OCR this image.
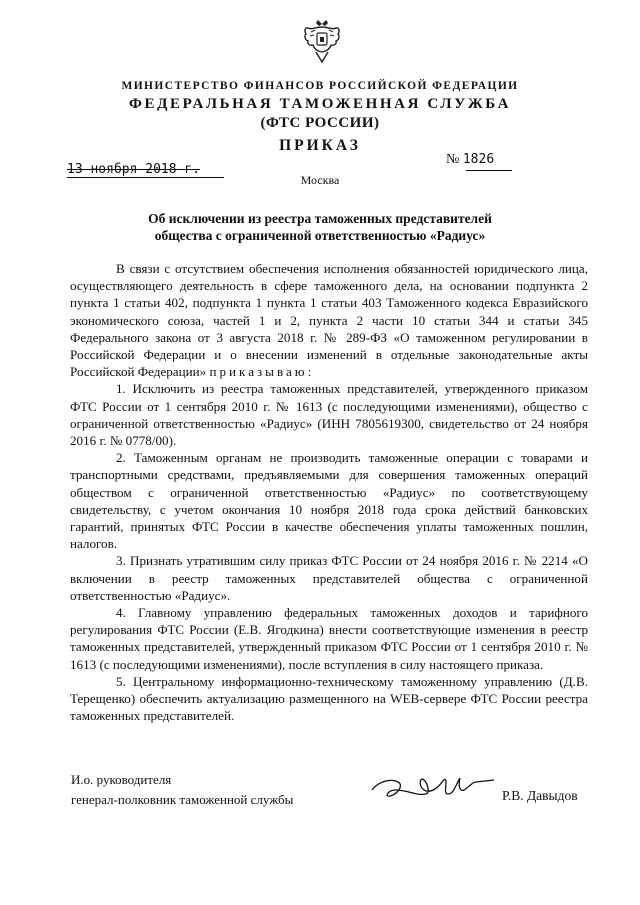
МИНИСТЕРСТВО ФИНАНСОВ РОССИЙСКОЙ ФЕДЕРАЦИИ
ФЕДЕРАЛЬНАЯ ТАМОЖЕННАЯ СЛУЖБА
(ФТС РОССИИ)
ПРИКАЗ
13 ноября 2018 г.
№ 1826
Москва
Об исключении из реестра таможенных представителей
общества с ограниченной ответственностью «Радиус»

В связи с отсутствием обеспечения исполнения обязанностей юридического лица, осуществляющего деятельность в сфере таможенного дела, на основании подпункта 2 пункта 1 статьи 402, подпункта 1 пункта 1 статьи 403 Таможенного кодекса Евразийского экономического союза, частей 1 и 2, пункта 2 части 10 статьи 344 и статьи 345 Федерального закона от 3 августа 2018 г. № 289-ФЗ «О таможенном регулировании в Российской Федерации и о внесении изменений в отдельные законодательные акты Российской Федерации» приказываю:

1. Исключить из реестра таможенных представителей, утвержденного приказом ФТС России от 1 сентября 2010 г. № 1613 (с последующими изменениями), общество с ограниченной ответственностью «Радиус» (ИНН 7805619300, свидетельство от 24 ноября 2016 г. № 0778/00).

2. Таможенным органам не производить таможенные операции с товарами и транспортными средствами, предъявляемыми для совершения таможенных операций обществом с ограниченной ответственностью «Радиус» по соответствующему свидетельству, с учетом окончания 10 ноября 2018 года срока действий банковских гарантий, принятых ФТС России в качестве обеспечения уплаты таможенных пошлин, налогов.

3. Признать утратившим силу приказ ФТС России от 24 ноября 2016 г. № 2214 «О включении в реестр таможенных представителей общества с ограниченной ответственностью «Радиус».

4. Главному управлению федеральных таможенных доходов и тарифного регулирования ФТС России (Е.В. Ягодкина) внести соответствующие изменения в реестр таможенных представителей, утвержденный приказом ФТС России от 1 сентября 2010 г. № 1613 (с последующими изменениями), после вступления в силу настоящего приказа.

5. Центральному информационно-техническому таможенному управлению (Д.В. Терещенко) обеспечить актуализацию размещенного на WEB-сервере ФТС России реестра таможенных представителей.

И.о. руководителя
генерал-полковник таможенной службы	Р.В. Давыдов
